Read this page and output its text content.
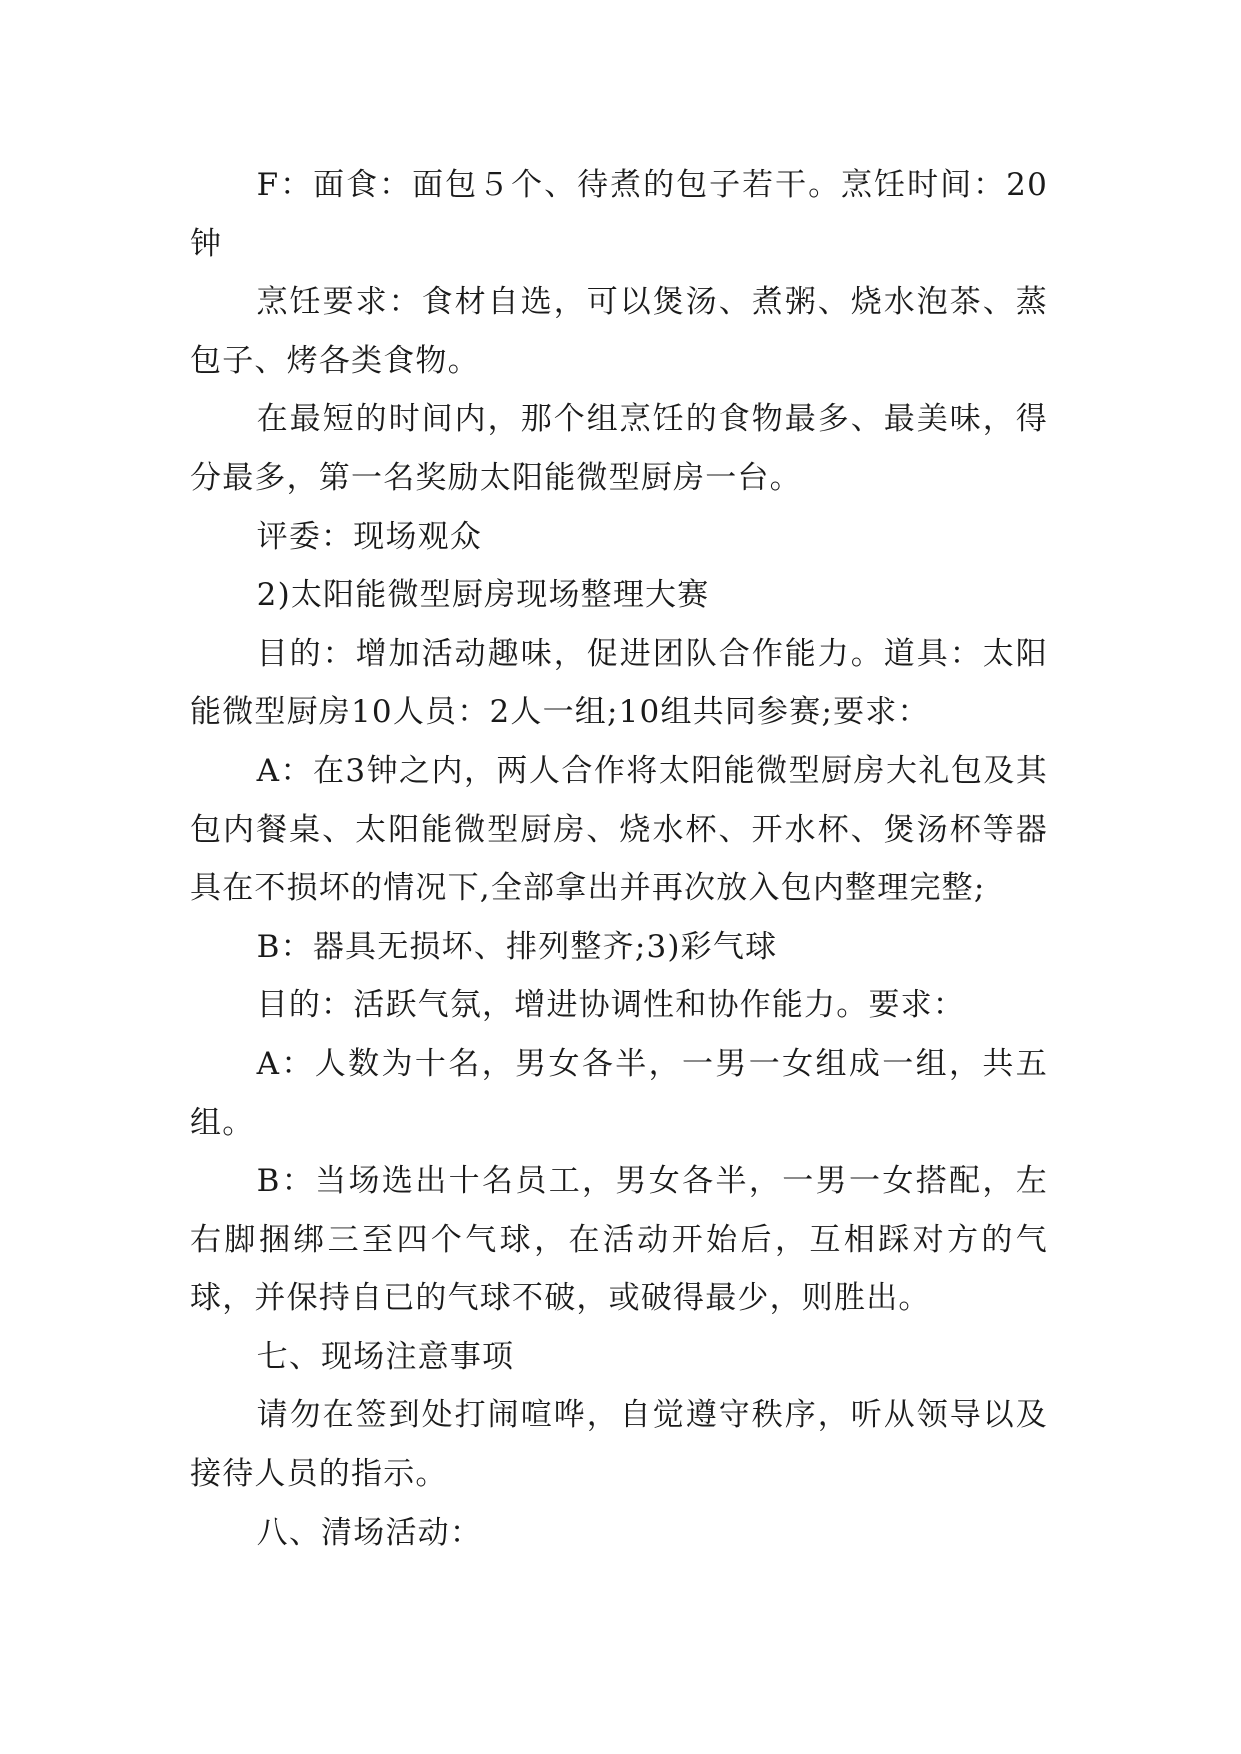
F：面食：面包５个、待煮的包子若干。烹饪时间：20钟

烹饪要求：食材自选，可以煲汤、煮粥、烧水泡茶、蒸包子、烤各类食物。

在最短的时间内，那个组烹饪的食物最多、最美味，得分最多，第一名奖励太阳能微型厨房一台。

评委：现场观众

2)太阳能微型厨房现场整理大赛

目的：增加活动趣味，促进团队合作能力。道具：太阳能微型厨房10人员：2人一组;10组共同参赛;要求：

A：在3钟之内，两人合作将太阳能微型厨房大礼包及其包内餐桌、太阳能微型厨房、烧水杯、开水杯、煲汤杯等器具在不损坏的情况下,全部拿出并再次放入包内整理完整;

B：器具无损坏、排列整齐;3)彩气球

目的：活跃气氛，增进协调性和协作能力。要求：

A：人数为十名，男女各半，一男一女组成一组，共五组。

B：当场选出十名员工，男女各半，一男一女搭配，左右脚捆绑三至四个气球，在活动开始后，互相踩对方的气球，并保持自已的气球不破，或破得最少，则胜出。

七、现场注意事项

请勿在签到处打闹喧哗，自觉遵守秩序，听从领导以及接待人员的指示。

八、清场活动：
